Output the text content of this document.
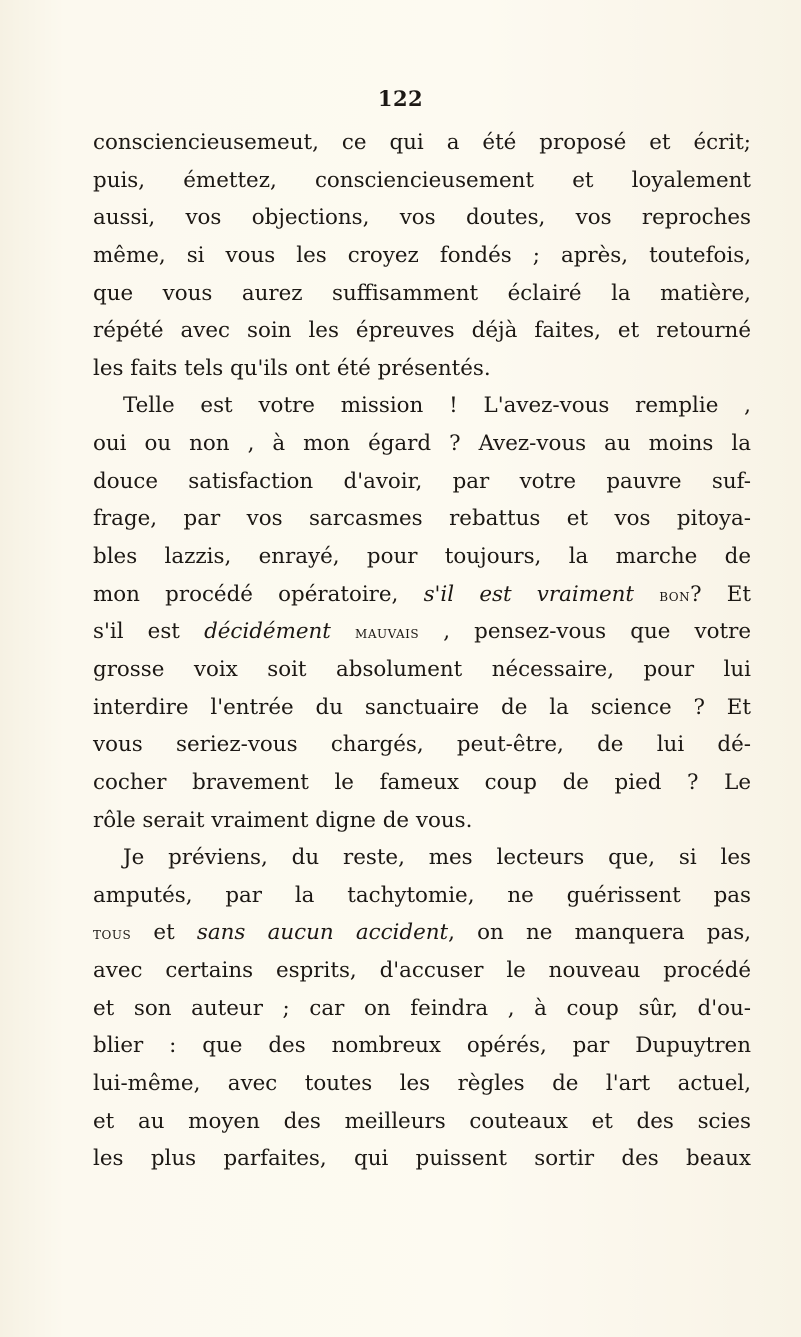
122
consciencieusemeut, ce qui a été proposé et écrit;
puis, émettez, consciencieusement et loyalement
aussi, vos objections, vos doutes, vos reproches
même, si vous les croyez fondés ; après, toutefois,
que vous aurez suffisamment éclairé la matière,
répété avec soin les épreuves déjà faites, et retourné
les faits tels qu'ils ont été présentés.
Telle est votre mission ! L'avez-vous remplie ,
oui ou non , à mon égard ? Avez-vous au moins la
douce satisfaction d'avoir, par votre pauvre suf-
frage, par vos sarcasmes rebattus et vos pitoya-
bles lazzis, enrayé, pour toujours, la marche de
mon procédé opératoire, s'il est vraiment bon? Et
s'il est décidément mauvais , pensez-vous que votre
grosse voix soit absolument nécessaire, pour lui
interdire l'entrée du sanctuaire de la science ? Et
vous seriez-vous chargés, peut-être, de lui dé-
cocher bravement le fameux coup de pied ? Le
rôle serait vraiment digne de vous.
Je préviens, du reste, mes lecteurs que, si les
amputés, par la tachytomie, ne guérissent pas
tous et sans aucun accident, on ne manquera pas,
avec certains esprits, d'accuser le nouveau procédé
et son auteur ; car on feindra , à coup sûr, d'ou-
blier : que des nombreux opérés, par Dupuytren
lui-même, avec toutes les règles de l'art actuel,
et au moyen des meilleurs couteaux et des scies
les plus parfaites, qui puissent sortir des beaux
